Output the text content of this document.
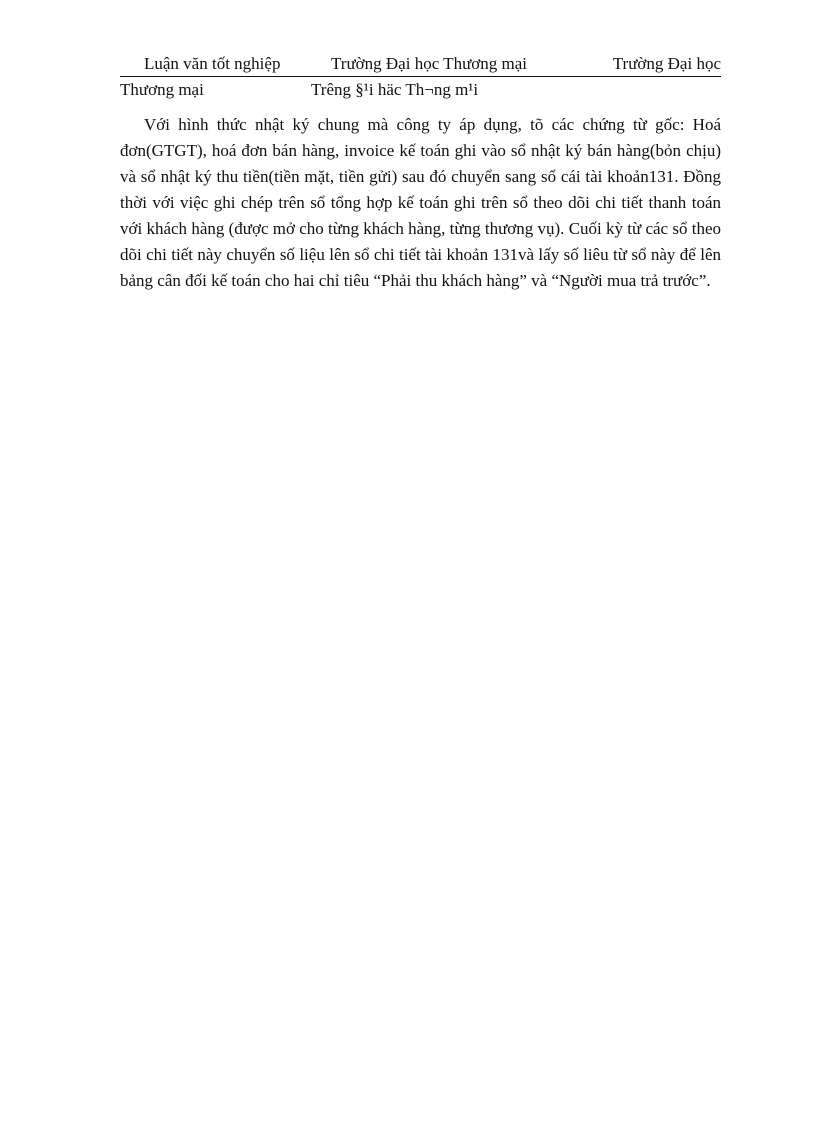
Luận văn tốt nghiệp	Trường Đại học Thương mại	Trường Đại học
Thương mại	Trêng §¹i häc Th¬ng m¹i

Với hình thức nhật ký chung mà công ty áp dụng, tõ các chứng từ gốc: Hoá đơn(GTGT), hoá đơn bán hàng, invoice kế toán ghi vào sổ nhật ký bán hàng(bỏn chịu) và sổ nhật ký thu tiền(tiền mặt, tiền gửi) sau đó chuyển sang sổ cái tài khoản131. Đồng thời với việc ghi chép trên sổ tổng hợp kế toán ghi trên sổ theo dõi chi tiết thanh toán với khách hàng (được mở cho từng khách hàng, từng thương vụ). Cuối kỳ từ các sổ theo dõi chi tiết này chuyển số liệu lên sổ chi tiết tài khoản 131và lấy số liêu từ sổ này để lên bảng cân đối kế toán cho hai chỉ tiêu “Phải thu khách hàng” và “Người mua trả trước”.
